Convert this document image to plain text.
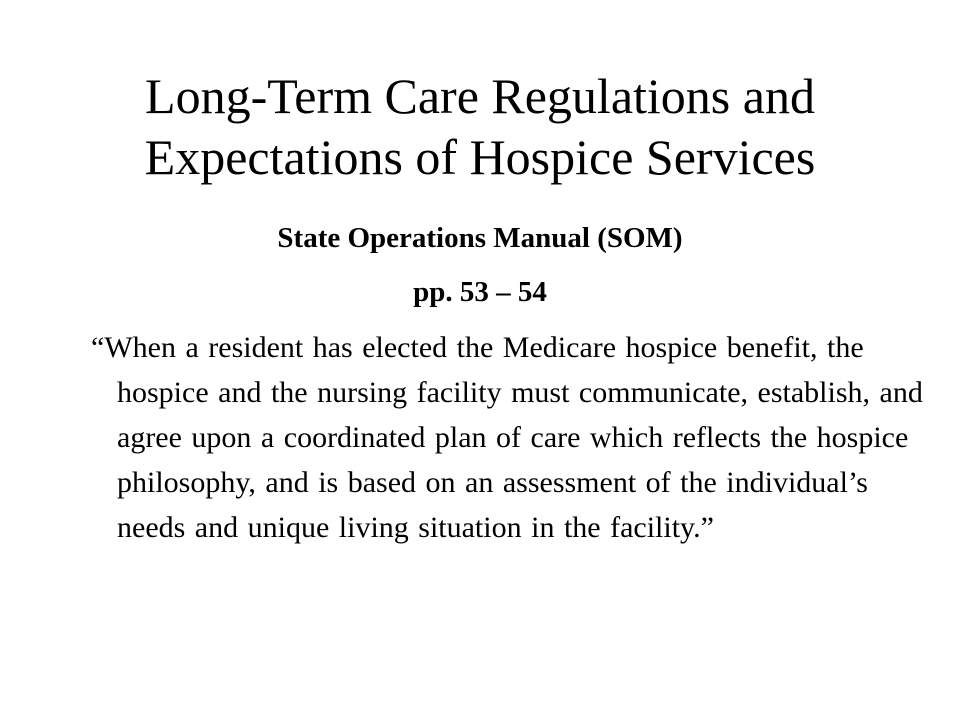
Long-Term Care Regulations and Expectations of Hospice Services

State Operations Manual (SOM)

pp. 53 – 54

“When a resident has elected the Medicare hospice benefit, the hospice and the nursing facility must communicate, establish, and agree upon a coordinated plan of care which reflects the hospice philosophy, and is based on an assessment of the individual’s needs and unique living situation in the facility.”
